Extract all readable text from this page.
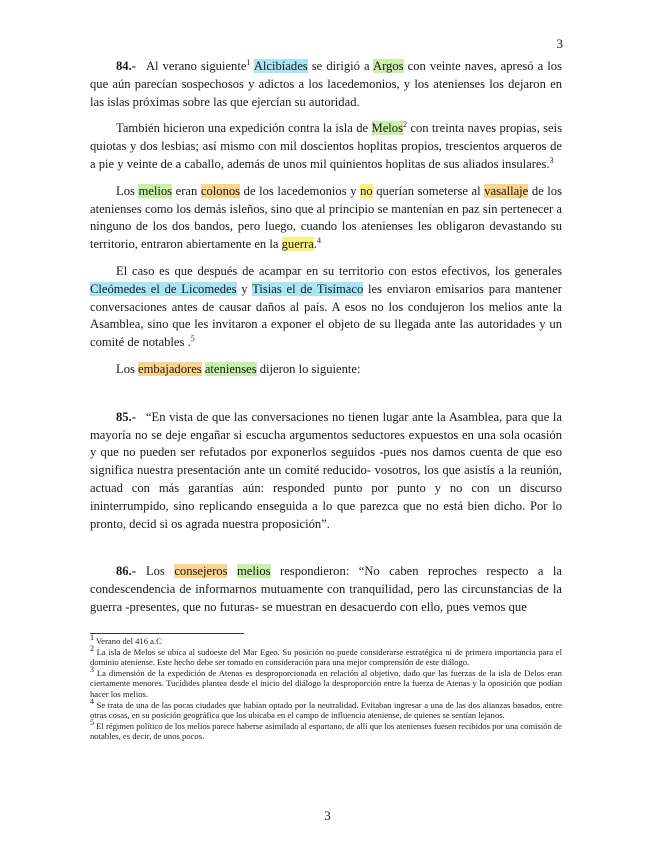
3

84.- Al verano siguiente$^1$ Alcibíades se dirigió a Argos con veinte naves, apresó a los que aún parecían sospechosos y adictos a los lacedemonios, y los atenienses los dejaron en las islas próximas sobre las que ejercían su autoridad.

También hicieron una expedición contra la isla de Melos$^2$ con treinta naves propias, seis quiotas y dos lesbias; así mismo con mil doscientos hoplitas propios, trescientos arqueros de a pie y veinte de a caballo, además de unos mil quinientos hoplitas de sus aliados insulares.$^3$

Los melios eran colonos de los lacedemonios y no querían someterse al vasallaje de los atenienses como los demás isleños, sino que al principio se mantenían en paz sin pertenecer a ninguno de los dos bandos, pero luego, cuando los atenienses les obligaron devastando su territorio, entraron abiertamente en la guerra.$^4$

El caso es que después de acampar en su territorio con estos efectivos, los generales Cleómedes el de Licomedes y Tisias el de Tisímaco les enviaron emisarios para mantener conversaciones antes de causar daños al país. A esos no los condujeron los melios ante la Asamblea, sino que les invitaron a exponer el objeto de su llegada ante las autoridades y un comité de notables .$^5$

Los embajadores atenienses dijeron lo siguiente:

85.- “En vista de que las conversaciones no tienen lugar ante la Asamblea, para que la mayoría no se deje engañar si escucha argumentos seductores expuestos en una sola ocasión y que no pueden ser refutados por exponerlos seguidos -pues nos damos cuenta de que eso significa nuestra presentación ante un comité reducido- vosotros, los que asistís a la reunión, actuad con más garantías aún: responded punto por punto y no con un discurso ininterrumpido, sino replicando enseguida a lo que parezca que no está bien dicho. Por lo pronto, decid si os agrada nuestra proposición”.

86.- Los consejeros melios respondieron: “No caben reproches respecto a la condescendencia de informarnos mutuamente con tranquilidad, pero las circunstancias de la guerra -presentes, que no futuras- se muestran en desacuerdo con ello, pues vemos que

$^1$ Verano del 416 a.C

$^2$ La isla de Melos se ubica al sudoeste del Mar Egeo. Su posición no puede considerarse estratégica ni de primera importancia para el dominio ateniense. Este hecho debe ser tomado en consideración para una mejor comprensión de este diálogo.

$^3$ La dimensión de la expedición de Atenas es desproporcionada en relación al objetivo, dado que las fuerzas de la isla de Delos eran ciertamente menores. Tucídides plantea desde el inicio del diálogo la desproporción entre la fuerza de Atenas y la oposición que podían hacer los melios.

$^4$ Se trata de una de las pocas ciudades que habían optado por la neutralidad. Evitaban ingresar a una de las dos alianzas basados, entre otras cosas, en su posición geográfica que los ubicaba en el campo de influencia ateniense, de quienes se sentían lejanos.

$^5$ El régimen político de los melios parece haberse asimilado al espartano, de allí que los atenienses fuesen recibidos por una comisión de notables, es decir, de unos pocos.

3
